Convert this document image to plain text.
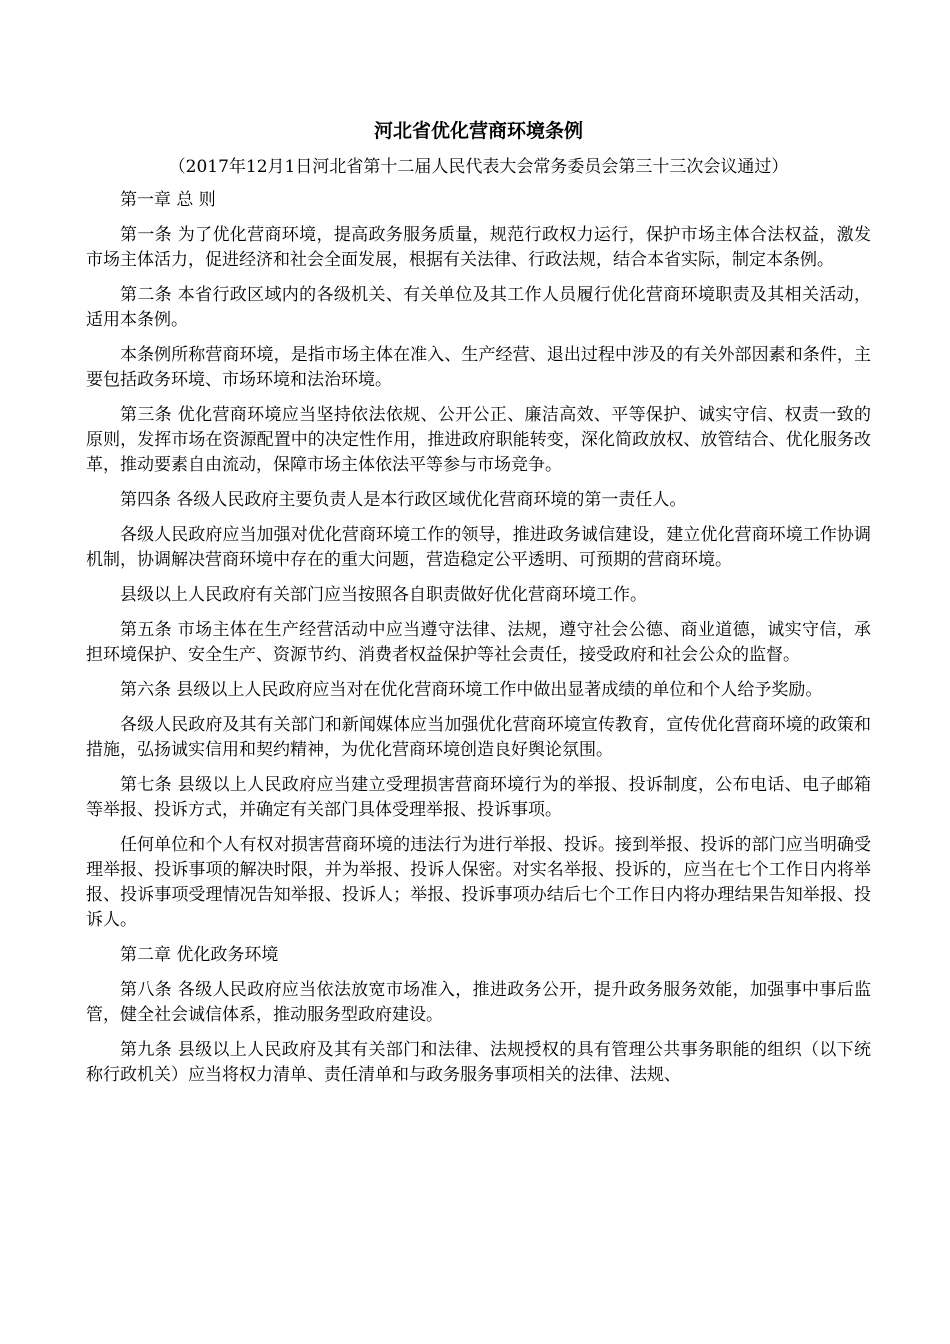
河北省优化营商环境条例
（2017年12月1日河北省第十二届人民代表大会常务委员会第三十三次会议通过）
第一章 总 则
第一条 为了优化营商环境，提高政务服务质量，规范行政权力运行，保护市场主体合法权益，激发市场主体活力，促进经济和社会全面发展，根据有关法律、行政法规，结合本省实际，制定本条例。
第二条 本省行政区域内的各级机关、有关单位及其工作人员履行优化营商环境职责及其相关活动，适用本条例。
本条例所称营商环境，是指市场主体在准入、生产经营、退出过程中涉及的有关外部因素和条件，主要包括政务环境、市场环境和法治环境。
第三条 优化营商环境应当坚持依法依规、公开公正、廉洁高效、平等保护、诚实守信、权责一致的原则，发挥市场在资源配置中的决定性作用，推进政府职能转变，深化简政放权、放管结合、优化服务改革，推动要素自由流动，保障市场主体依法平等参与市场竞争。
第四条 各级人民政府主要负责人是本行政区域优化营商环境的第一责任人。
各级人民政府应当加强对优化营商环境工作的领导，推进政务诚信建设，建立优化营商环境工作协调机制，协调解决营商环境中存在的重大问题，营造稳定公平透明、可预期的营商环境。
县级以上人民政府有关部门应当按照各自职责做好优化营商环境工作。
第五条 市场主体在生产经营活动中应当遵守法律、法规，遵守社会公德、商业道德，诚实守信，承担环境保护、安全生产、资源节约、消费者权益保护等社会责任，接受政府和社会公众的监督。
第六条 县级以上人民政府应当对在优化营商环境工作中做出显著成绩的单位和个人给予奖励。
各级人民政府及其有关部门和新闻媒体应当加强优化营商环境宣传教育，宣传优化营商环境的政策和措施，弘扬诚实信用和契约精神，为优化营商环境创造良好舆论氛围。
第七条 县级以上人民政府应当建立受理损害营商环境行为的举报、投诉制度，公布电话、电子邮箱等举报、投诉方式，并确定有关部门具体受理举报、投诉事项。
任何单位和个人有权对损害营商环境的违法行为进行举报、投诉。接到举报、投诉的部门应当明确受理举报、投诉事项的解决时限，并为举报、投诉人保密。对实名举报、投诉的，应当在七个工作日内将举报、投诉事项受理情况告知举报、投诉人；举报、投诉事项办结后七个工作日内将办理结果告知举报、投诉人。
第二章 优化政务环境
第八条 各级人民政府应当依法放宽市场准入，推进政务公开，提升政务服务效能，加强事中事后监管，健全社会诚信体系，推动服务型政府建设。
第九条 县级以上人民政府及其有关部门和法律、法规授权的具有管理公共事务职能的组织（以下统称行政机关）应当将权力清单、责任清单和与政务服务事项相关的法律、法规、
